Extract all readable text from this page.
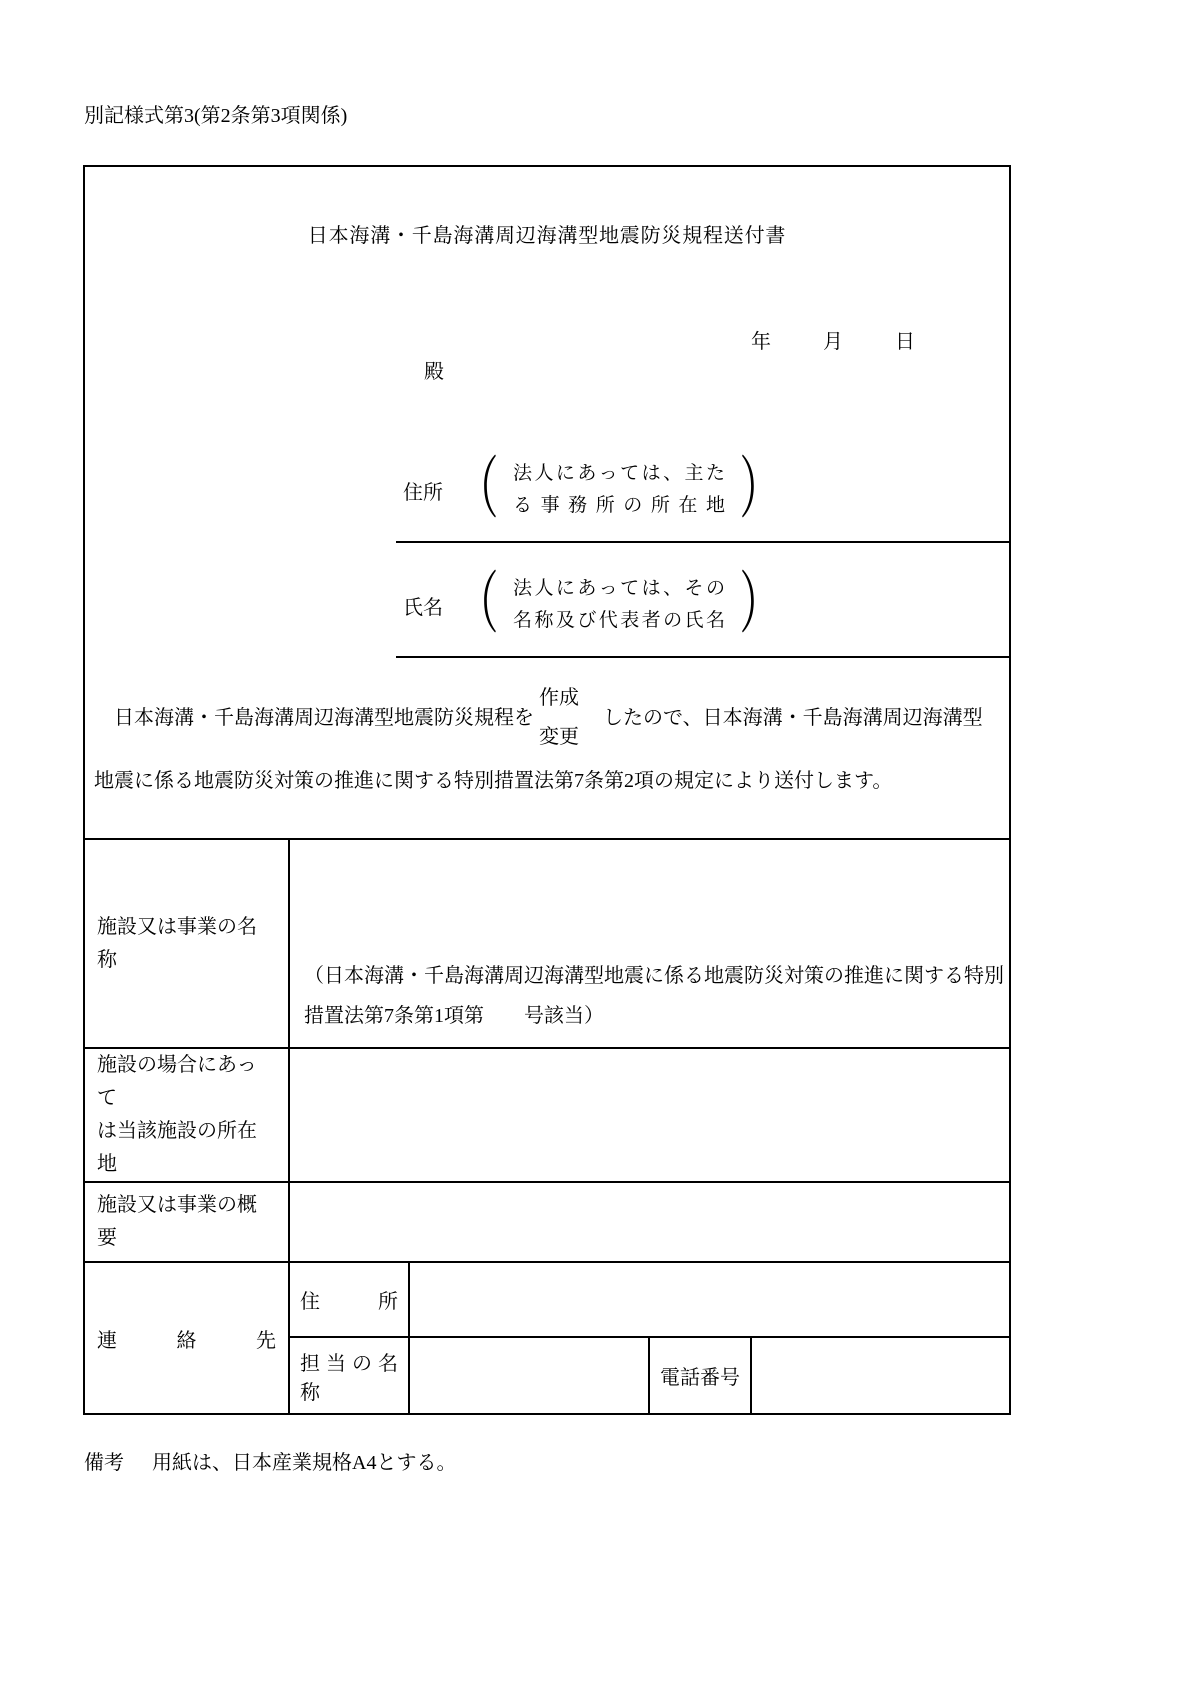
別記様式第3(第2条第3項関係)
日本海溝・千島海溝周辺海溝型地震防災規程送付書
年	月	日
殿
住所 （ 法人にあっては、主た
る事務所の所在地 ）
氏名 （ 法人にあっては、その
名称及び代表者の氏名 ）
日本海溝・千島海溝周辺海溝型地震防災規程を
作成
変更
したので、日本海溝・千島海溝周辺海溝型
地震に係る地震防災対策の推進に関する特別措置法第7条第2項の規定により送付します。
施設又は事業の名称
（日本海溝・千島海溝周辺海溝型地震に係る地震防災対策の推進に関する特別
措置法第7条第1項第　　号該当）
施設の場合にあって
は当該施設の所在地
施設又は事業の概要
連絡先
住所
担当の名称
電話番号
備考 用紙は、日本産業規格A4とする。
